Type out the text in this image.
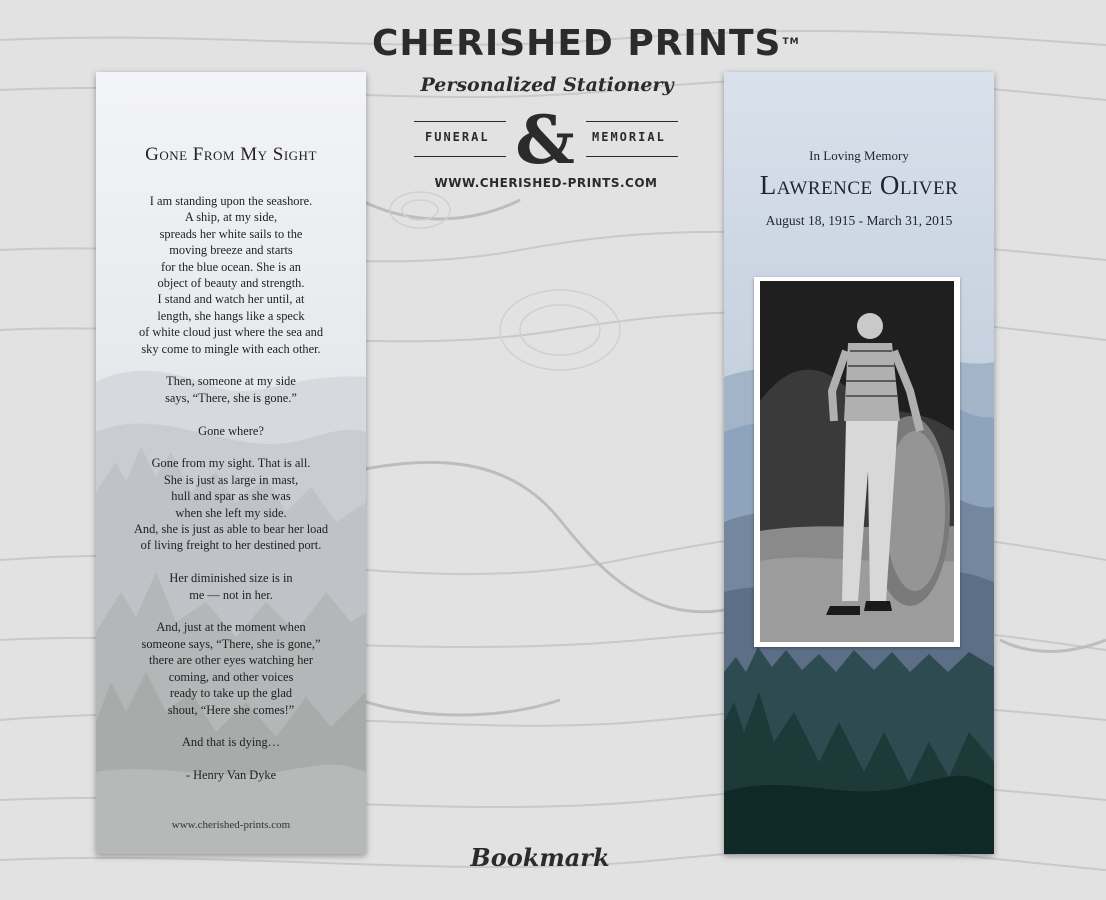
CHERISHED PRINTS™
Personalized Stationery
FUNERAL &	MEMORIAL
WWW.CHERISHED-PRINTS.COM
Gone From My Sight
I am standing upon the seashore.
A ship, at my side,
spreads her white sails to the
moving breeze and starts
for the blue ocean. She is an
object of beauty and strength.
I stand and watch her until, at
length, she hangs like a speck
of white cloud just where the sea and
sky come to mingle with each other.
Then, someone at my side
says, “There, she is gone.”
Gone where?
Gone from my sight. That is all.
She is just as large in mast,
hull and spar as she was
when she left my side.
And, she is just as able to bear her load
of living freight to her destined port.
Her diminished size is in
me — not in her.
And, just at the moment when
someone says, “There, she is gone,”
there are other eyes watching her
coming, and other voices
ready to take up the glad
shout, “Here she comes!”
And that is dying…
- Henry Van Dyke
www.cherished-prints.com
In Loving Memory
Lawrence Oliver
August 18, 1915 - March 31, 2015
Bookmark
